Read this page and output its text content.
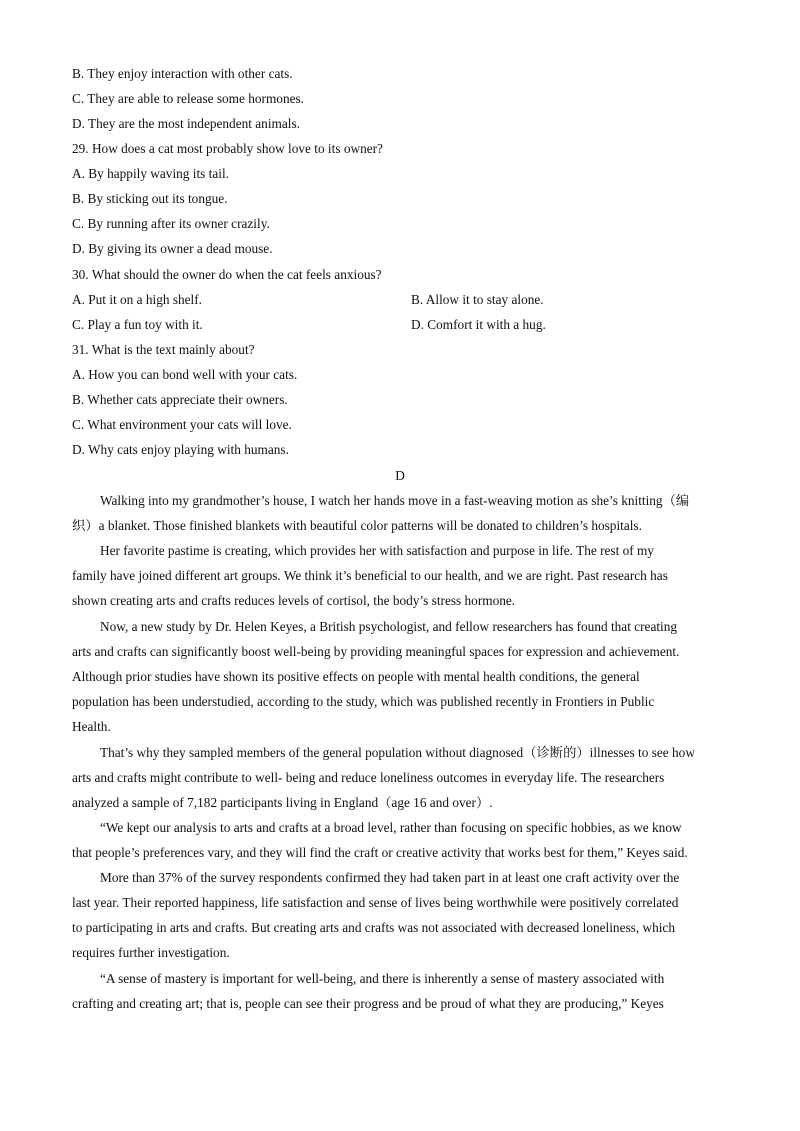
B. They enjoy interaction with other cats.
C. They are able to release some hormones.
D. They are the most independent animals.
29. How does a cat most probably show love to its owner?
A. By happily waving its tail.
B. By sticking out its tongue.
C. By running after its owner crazily.
D. By giving its owner a dead mouse.
30. What should the owner do when the cat feels anxious?
A. Put it on a high shelf.	B. Allow it to stay alone.
C. Play a fun toy with it.	D. Comfort it with a hug.
31. What is the text mainly about?
A. How you can bond well with your cats.
B. Whether cats appreciate their owners.
C. What environment your cats will love.
D. Why cats enjoy playing with humans.
D
Walking into my grandmother’s house, I watch her hands move in a fast-weaving motion as she’s knitting（编
织）a blanket. Those finished blankets with beautiful color patterns will be donated to children’s hospitals.
Her favorite pastime is creating, which provides her with satisfaction and purpose in life. The rest of my
family have joined different art groups. We think it’s beneficial to our health, and we are right. Past research has
shown creating arts and crafts reduces levels of cortisol, the body’s stress hormone.
Now, a new study by Dr. Helen Keyes, a British psychologist, and fellow researchers has found that creating
arts and crafts can significantly boost well-being by providing meaningful spaces for expression and achievement.
Although prior studies have shown its positive effects on people with mental health conditions, the general
population has been understudied, according to the study, which was published recently in Frontiers in Public
Health.
That’s why they sampled members of the general population without diagnosed（诊断的）illnesses to see how
arts and crafts might contribute to well- being and reduce loneliness outcomes in everyday life. The researchers
analyzed a sample of 7,182 participants living in England（age 16 and over）.
“We kept our analysis to arts and crafts at a broad level, rather than focusing on specific hobbies, as we know
that people’s preferences vary, and they will find the craft or creative activity that works best for them,” Keyes said.
More than 37% of the survey respondents confirmed they had taken part in at least one craft activity over the
last year. Their reported happiness, life satisfaction and sense of lives being worthwhile were positively correlated
to participating in arts and crafts. But creating arts and crafts was not associated with decreased loneliness, which
requires further investigation.
“A sense of mastery is important for well-being, and there is inherently a sense of mastery associated with
crafting and creating art; that is, people can see their progress and be proud of what they are producing,” Keyes
